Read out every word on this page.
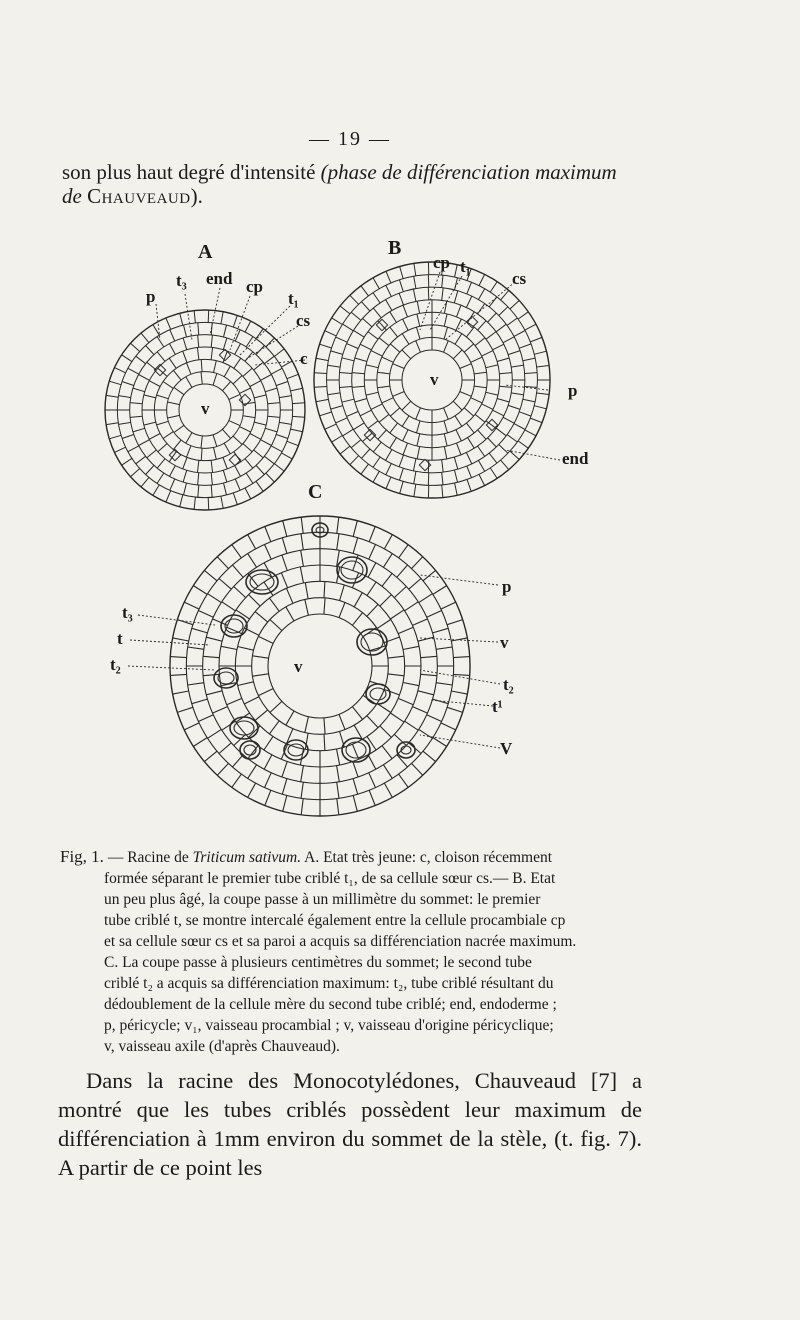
— 19 —
son plus haut degré d'intensité (phase de différenciation maximum
de Chauveaud).
A	B
C
p
t₃ end cp
t₁
cs
c
v
cp t₁
cs
p
end
v
p
t₃
t
t₂
v
t₂
t¹
V
v
Fig, 1. — Racine de Triticum sativum. A. Etat très jeune: c, cloison récemment
formée séparant le premier tube criblé t₁, de sa cellule sœur cs.— B. Etat
un peu plus âgé, la coupe passe à un millimètre du sommet: le premier
tube criblé t, se montre intercalé également entre la cellule procambiale cp
et sa cellule sœur cs et sa paroi a acquis sa différenciation nacrée maximum.
C. La coupe passe à plusieurs centimètres du sommet; le second tube
criblé t₂ a acquis sa différenciation maximum: t₂, tube criblé résultant du
dédoublement de la cellule mère du second tube criblé; end, endoderme ;
p, péricycle; v₁, vaisseau procambial ; v, vaisseau d'origine péricyclique;
v, vaisseau axile (d'après Chauveaud).
Dans la racine des Monocotylédones, Chauveaud [7] a montré que les tubes criblés possèdent leur maximum de différenciation à 1mm environ du sommet de la stèle, (t. fig. 7). A partir de ce point les
